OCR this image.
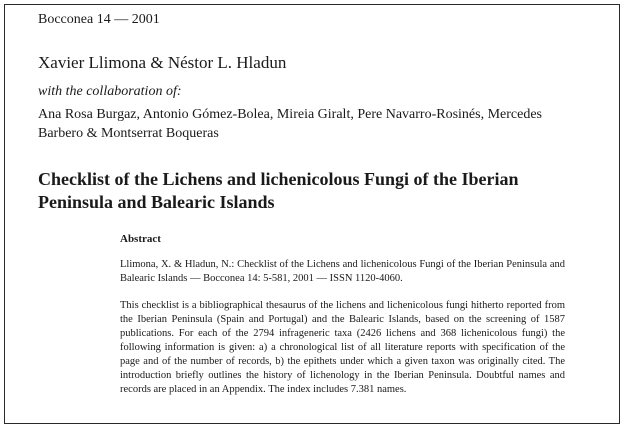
Bocconea 14 — 2001
Xavier Llimona & Néstor L. Hladun
with the collaboration of:
Ana Rosa Burgaz, Antonio Gómez-Bolea, Mireia Giralt, Pere Navarro-Rosinés, Mercedes Barbero & Montserrat Boqueras
Checklist of the Lichens and lichenicolous Fungi of the Iberian Peninsula and Balearic Islands
Abstract
Llimona, X. & Hladun, N.: Checklist of the Lichens and lichenicolous Fungi of the Iberian Peninsula and Balearic Islands — Bocconea 14: 5-581, 2001 — ISSN 1120-4060.
This checklist is a bibliographical thesaurus of the lichens and lichenicolous fungi hitherto reported from the Iberian Peninsula (Spain and Portugal) and the Balearic Islands, based on the screening of 1587 publications. For each of the 2794 infrageneric taxa (2426 lichens and 368 lichenicolous fungi) the following information is given: a) a chronological list of all literature reports with specification of the page and of the number of records, b) the epithets under which a given taxon was originally cited. The introduction briefly outlines the history of lichenology in the Iberian Peninsula. Doubtful names and records are placed in an Appendix. The index includes 7.381 names.
